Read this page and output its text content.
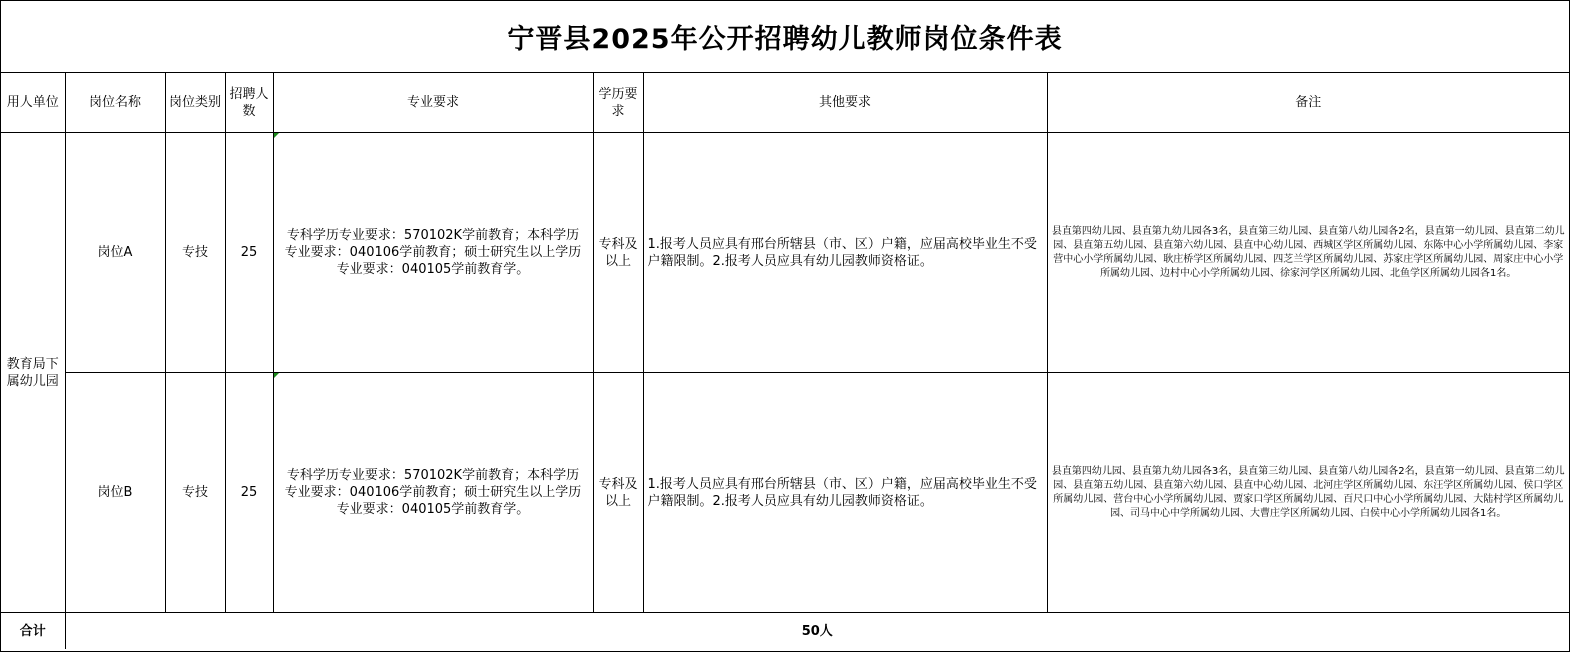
宁晋县2025年公开招聘幼儿教师岗位条件表
用人单位	岗位名称	岗位类别	招聘人数	专业要求	学历要求	其他要求	备注
教育局下属幼儿园	岗位A	专技	25	专科学历专业要求：570102K学前教育；本科学历专业要求：040106学前教育；硕士研究生以上学历专业要求：040105学前教育学。	专科及以上	1.报考人员应具有邢台所辖县（市、区）户籍，应届高校毕业生不受户籍限制。2.报考人员应具有幼儿园教师资格证。	县直第四幼儿园、县直第九幼儿园各3名，县直第三幼儿园、县直第八幼儿园各2名，县直第一幼儿园、县直第二幼儿园、县直第五幼儿园、县直第六幼儿园、县直中心幼儿园、西城区学区所属幼儿园、东陈中心小学所属幼儿园、李家营中心小学所属幼儿园、耿庄桥学区所属幼儿园、四芝兰学区所属幼儿园、苏家庄学区所属幼儿园、周家庄中心小学所属幼儿园、边村中心小学所属幼儿园、徐家河学区所属幼儿园、北鱼学区所属幼儿园各1名。
	岗位B	专技	25	专科学历专业要求：570102K学前教育；本科学历专业要求：040106学前教育；硕士研究生以上学历专业要求：040105学前教育学。	专科及以上	1.报考人员应具有邢台所辖县（市、区）户籍，应届高校毕业生不受户籍限制。2.报考人员应具有幼儿园教师资格证。	县直第四幼儿园、县直第九幼儿园各3名，县直第三幼儿园、县直第八幼儿园各2名，县直第一幼儿园、县直第二幼儿园、县直第五幼儿园、县直第六幼儿园、县直中心幼儿园、北河庄学区所属幼儿园、东汪学区所属幼儿园、侯口学区所属幼儿园、营台中心小学所属幼儿园、贾家口学区所属幼儿园、百尺口中心小学所属幼儿园、大陆村学区所属幼儿园、司马中心中学所属幼儿园、大曹庄学区所属幼儿园、白侯中心小学所属幼儿园各1名。
合计	50人						
